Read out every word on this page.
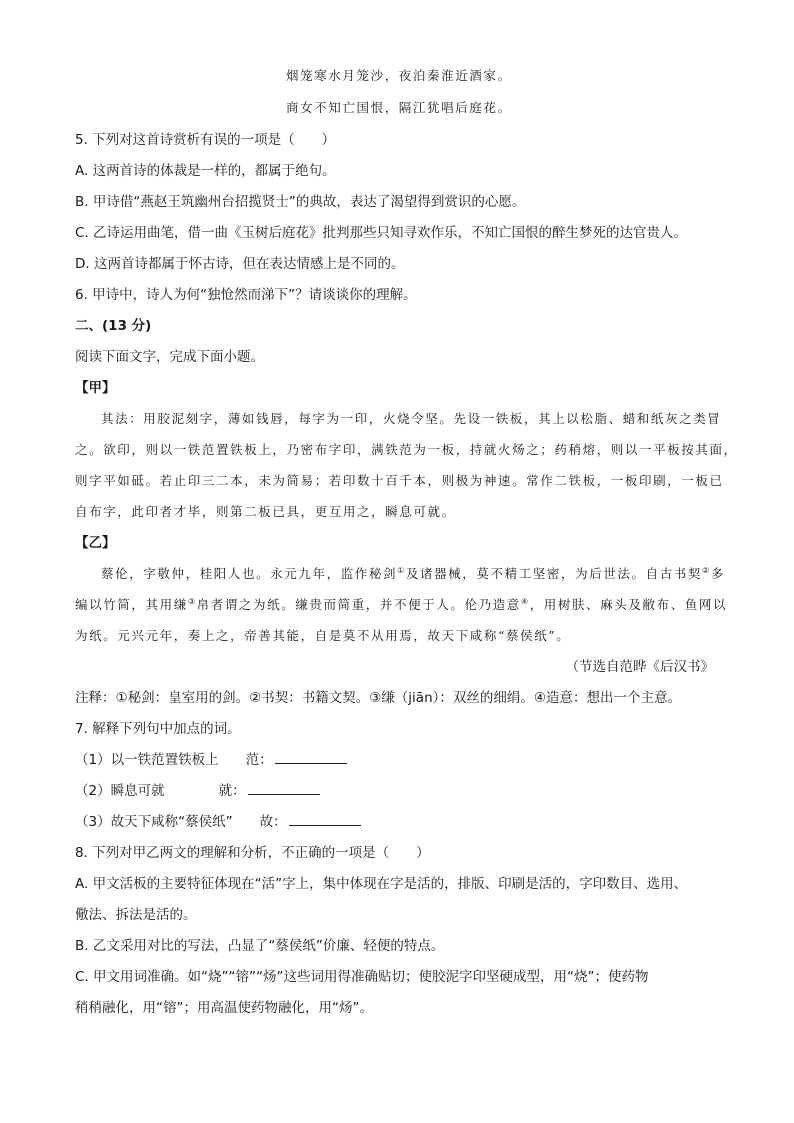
烟笼寒水月笼沙，夜泊秦淮近酒家。
商女不知亡国恨，隔江犹唱后庭花。
5. 下列对这首诗赏析有误的一项是（　　）
A. 这两首诗的体裁是一样的，都属于绝句。
B. 甲诗借“燕赵王筑幽州台招揽贤士”的典故，表达了渴望得到赏识的心愿。
C. 乙诗运用曲笔，借一曲《玉树后庭花》批判那些只知寻欢作乐，不知亡国恨的醉生梦死的达官贵人。
D. 这两首诗都属于怀古诗，但在表达情感上是不同的。
6. 甲诗中，诗人为何“独怆然而涕下”？请谈谈你的理解。
二、(13 分)
阅读下面文字，完成下面小题。
【甲】
其法：用胶泥刻字，薄如钱唇，每字为一印，火烧令坚。先设一铁板，其上以松脂、蜡和纸灰之类冒
之。欲印，则以一铁范置铁板上，乃密布字印，满铁范为一板，持就火炀之；药稍熔，则以一平板按其面，
则字平如砥。若止印三二本，未为简易；若印数十百千本，则极为神速。常作二铁板，一板印刷，一板已
自布字，此印者才毕，则第二板已具，更互用之，瞬息可就。
【乙】
蔡伦，字敬仲，桂阳人也。永元九年，监作秘剑①及诸器械，莫不精工坚密，为后世法。自古书契②多
编以竹简，其用缣③帛者谓之为纸。缣贵而简重，并不便于人。伦乃造意④，用树肤、麻头及敝布、鱼网以
为纸。元兴元年，奏上之，帝善其能，自是莫不从用焉，故天下咸称“蔡侯纸”。
（节选自范晔《后汉书》
注释：①秘剑：皇室用的剑。②书契：书籍文契。③缣（jiān）：双丝的细绢。④造意：想出一个主意。
7. 解释下列句中加点的词。
（1）以一铁范置铁板上　　范：
（2）瞬息可就　　　　就：
（3）故天下咸称“蔡侯纸”　　故：
8. 下列对甲乙两文的理解和分析，不正确的一项是（　　）
A. 甲文活板的主要特征体现在“活”字上，集中体现在字是活的，排版、印刷是活的，字印数目、选用、
儆法、拆法是活的。
B. 乙文采用对比的写法，凸显了“蔡侯纸”价廉、轻便的特点。
C. 甲文用词准确。如“烧”“镕”“炀”这些词用得准确贴切；使胶泥字印坚硬成型，用“烧”；使药物
稍稍融化，用“镕”；用高温使药物融化，用“炀”。
